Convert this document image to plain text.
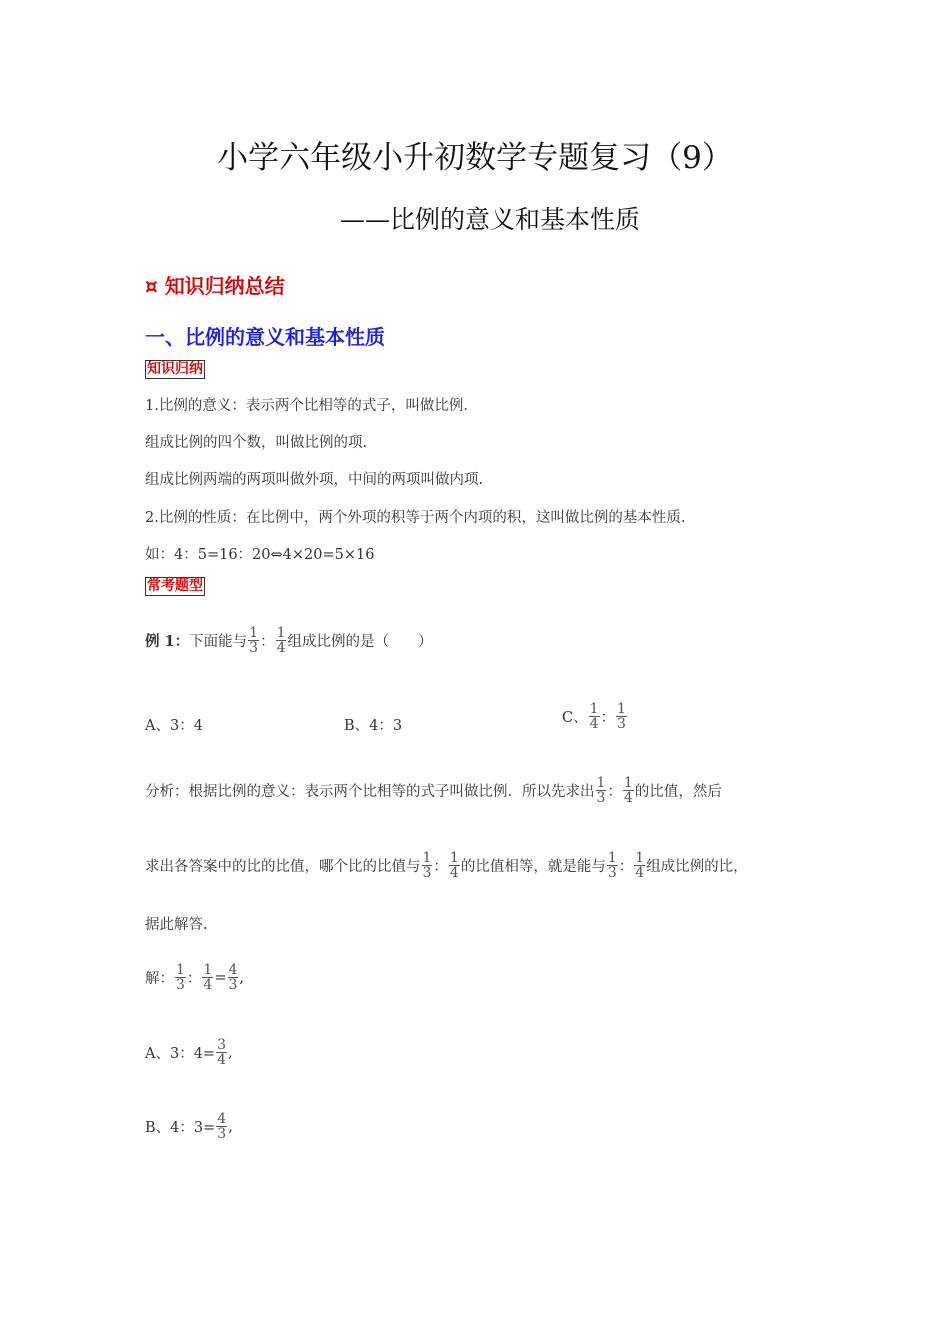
小学六年级小升初数学专题复习（9）
——比例的意义和基本性质
¤ 知识归纳总结
一、比例的意义和基本性质
知识归纳
1.比例的意义：表示两个比相等的式子，叫做比例.
组成比例的四个数，叫做比例的项.
组成比例两端的两项叫做外项，中间的两项叫做内项.
2.比例的性质：在比例中，两个外项的积等于两个内项的积，这叫做比例的基本性质.
如：4：5=16：20⇔4×20=5×16
常考题型
例 1： 下面能与 $\frac{1}{3}$ ： $\frac{1}{4}$ 组成比例的是（　　）
A、3：4	B、4：3	C、 $\frac{1}{4}$ ： $\frac{1}{3}$
分析：根据比例的意义：表示两个比相等的式子叫做比例．所以先求出 $\frac{1}{3}$ ： $\frac{1}{4}$ 的比值，然后
求出各答案中的比的比值，哪个比的比值与 $\frac{1}{3}$ ： $\frac{1}{4}$ 的比值相等，就是能与 $\frac{1}{3}$ ： $\frac{1}{4}$ 组成比例的比，
据此解答.
解： $\frac{1}{3}$ ： $\frac{1}{4} = \frac{4}{3}$ ,
A、3：$4= \frac{3}{4}$ ,
B、4：$3= \frac{4}{3}$ ,
